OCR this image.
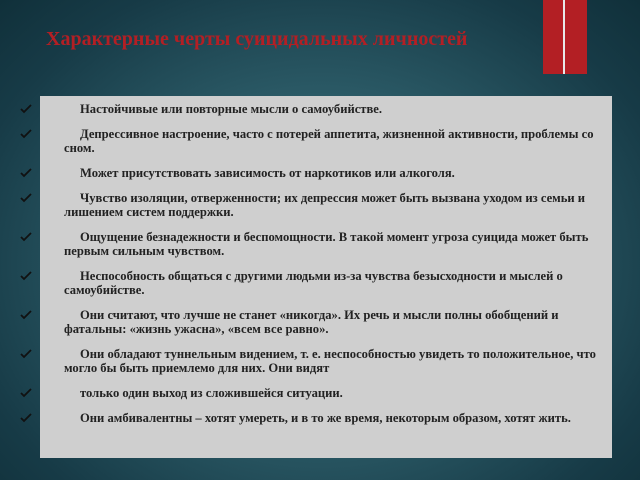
Характерные черты суицидальных личностей
Настойчивые или повторные мысли о самоубийстве.
Депрессивное настроение, часто с потерей аппетита, жизненной активности, проблемы со сном.
Может присутствовать зависимость от наркотиков или алкоголя.
Чувство изоляции, отверженности; их депрессия может быть вызвана уходом из семьи и лишением систем поддержки.
Ощущение безнадежности и беспомощности. В такой момент угроза суицида может быть первым сильным чувством.
Неспособность общаться с другими людьми из-за чувства безысходности и мыслей о самоубийстве.
Они считают, что лучше не станет «никогда». Их речь и мысли полны обобщений и фатальны: «жизнь ужасна», «всем все равно».
Они обладают туннельным видением, т. е. неспособностью увидеть то положительное, что могло бы быть приемлемо для них. Они видят
только один выход из сложившейся ситуации.
Они амбивалентны – хотят умереть, и в то же время, некоторым образом, хотят жить.
